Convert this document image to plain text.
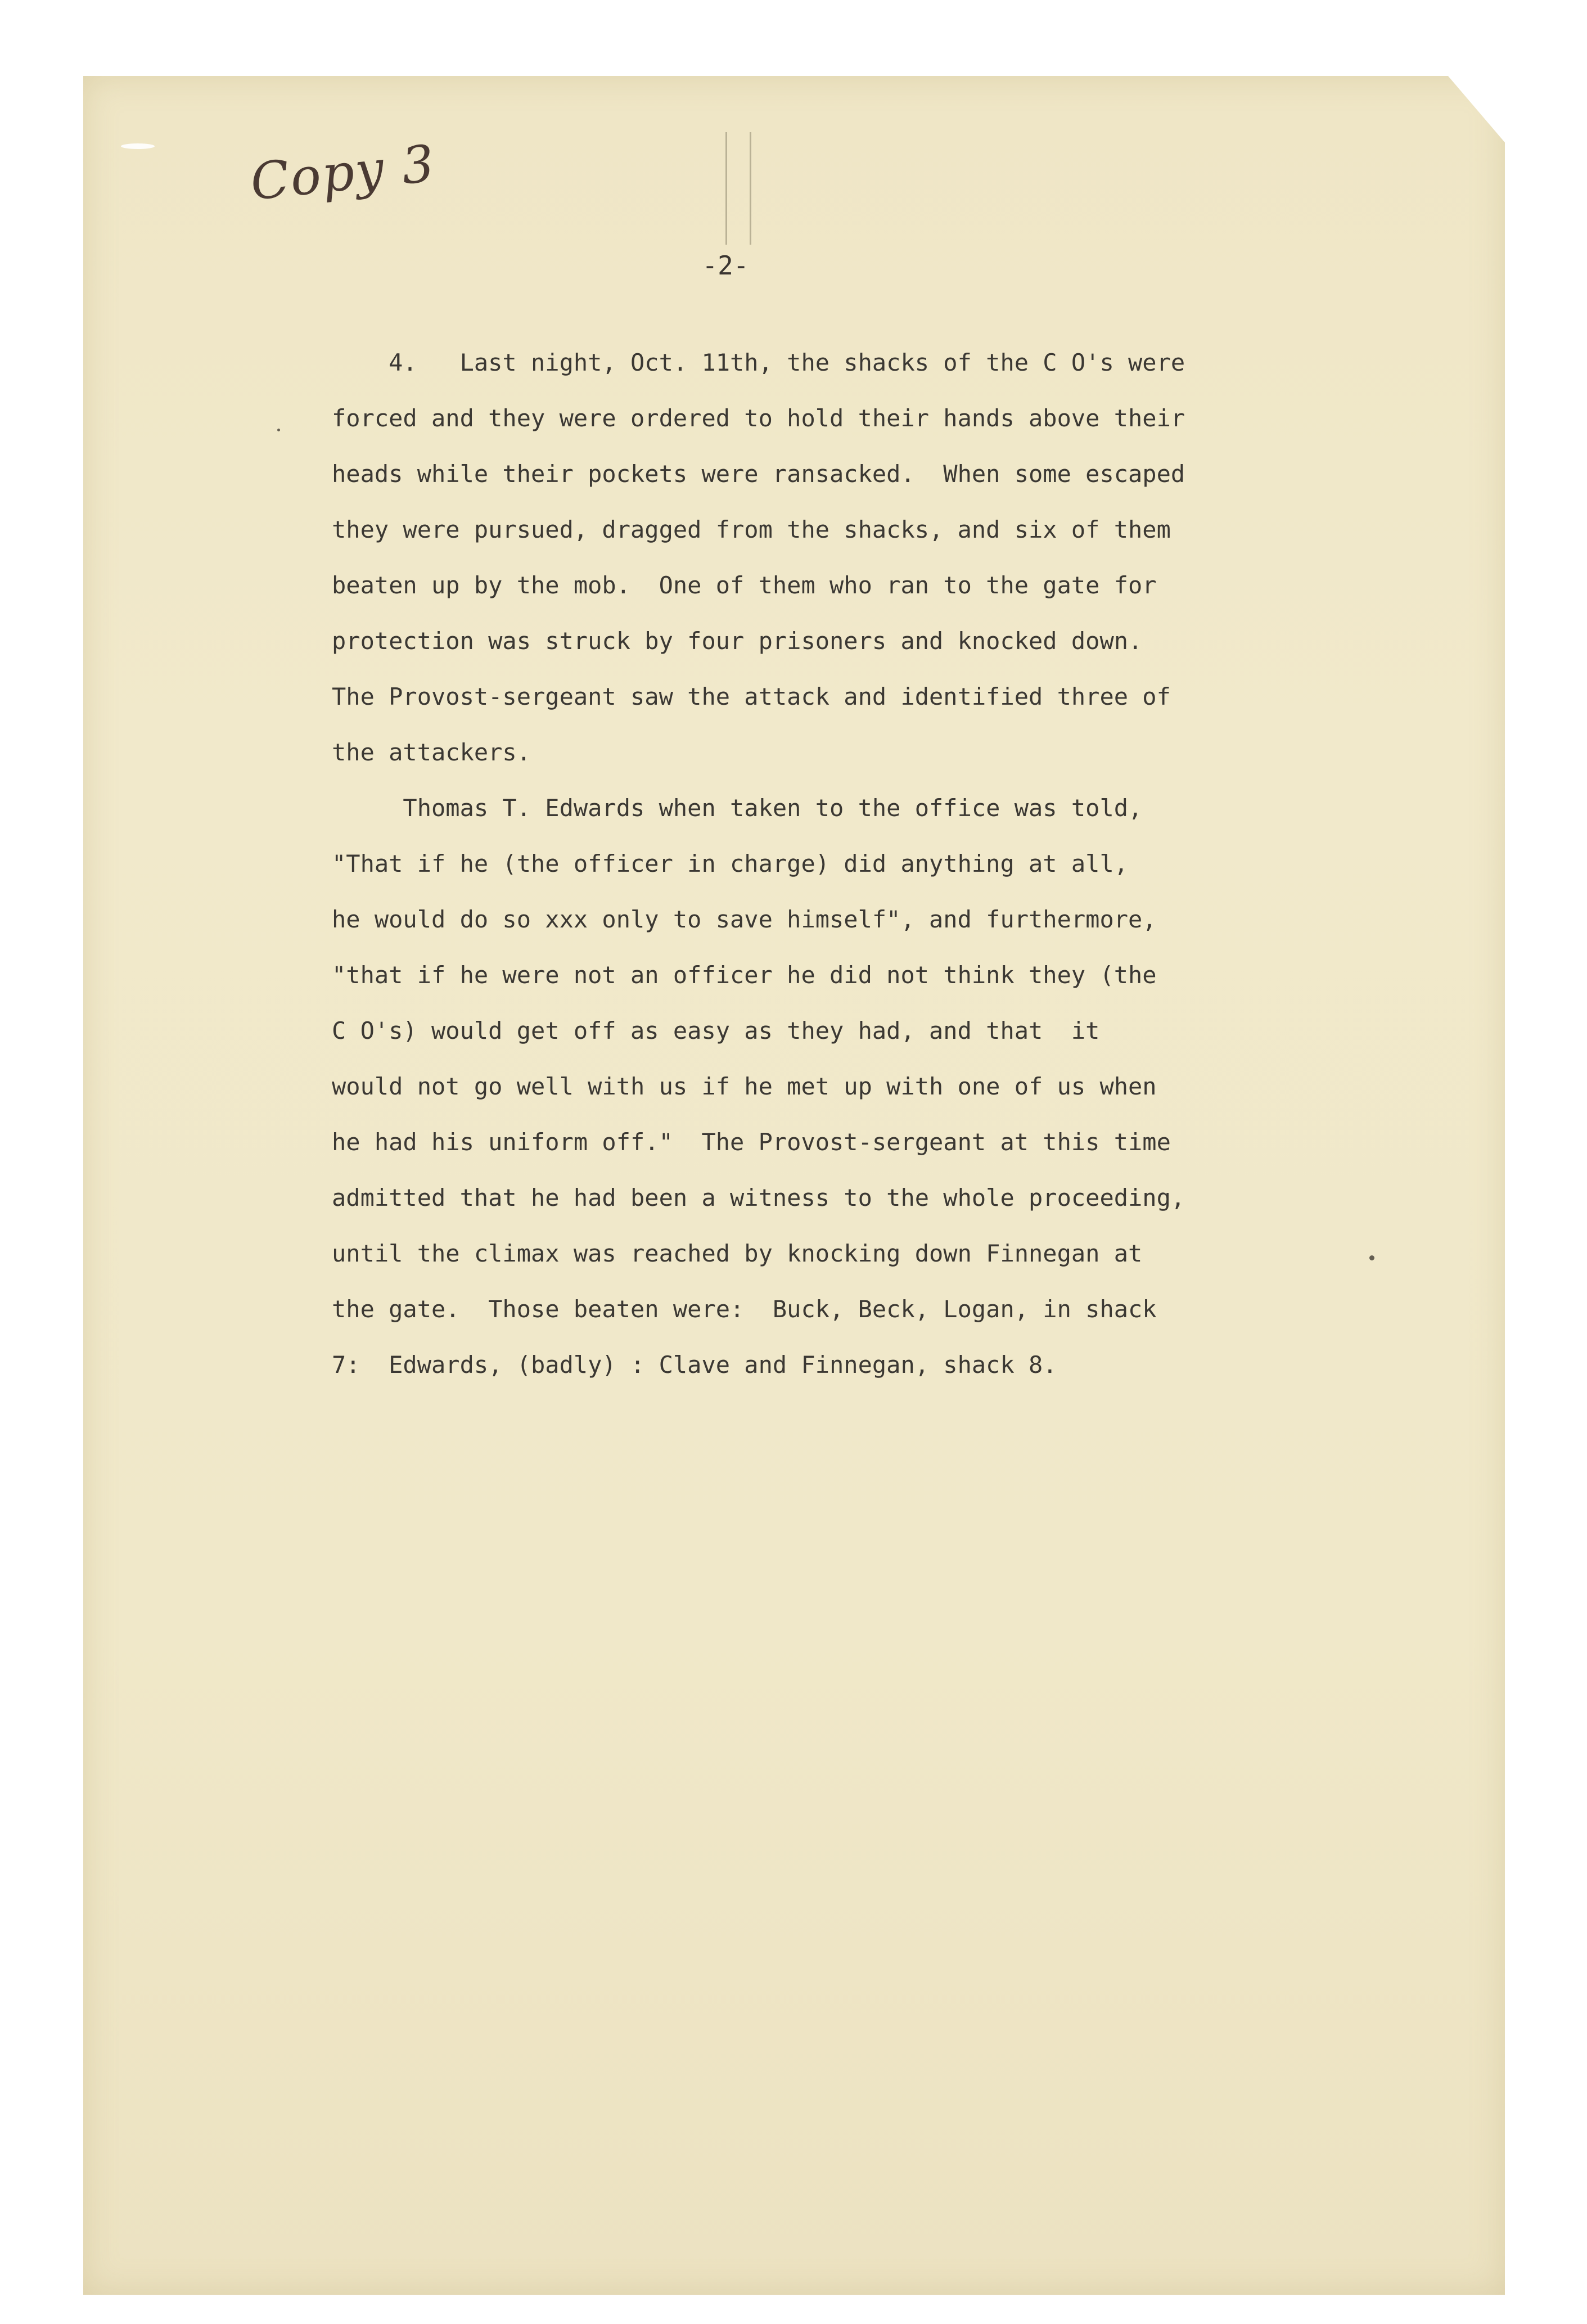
Copy 3
-2-
4.   Last night, Oct. 11th, the shacks of the C O's were
forced and they were ordered to hold their hands above their
heads while their pockets were ransacked.  When some escaped
they were pursued, dragged from the shacks, and six of them
beaten up by the mob.  One of them who ran to the gate for
protection was struck by four prisoners and knocked down.
The Provost-sergeant saw the attack and identified three of
the attackers.
Thomas T. Edwards when taken to the office was told,
"That if he (the officer in charge) did anything at all,
he would do so xxx only to save himself", and furthermore,
"that if he were not an officer he did not think they (the
C O's) would get off as easy as they had, and that  it
would not go well with us if he met up with one of us when
he had his uniform off."  The Provost-sergeant at this time
admitted that he had been a witness to the whole proceeding,
until the climax was reached by knocking down Finnegan at
the gate.  Those beaten were:  Buck, Beck, Logan, in shack
7:  Edwards, (badly) : Clave and Finnegan, shack 8.
